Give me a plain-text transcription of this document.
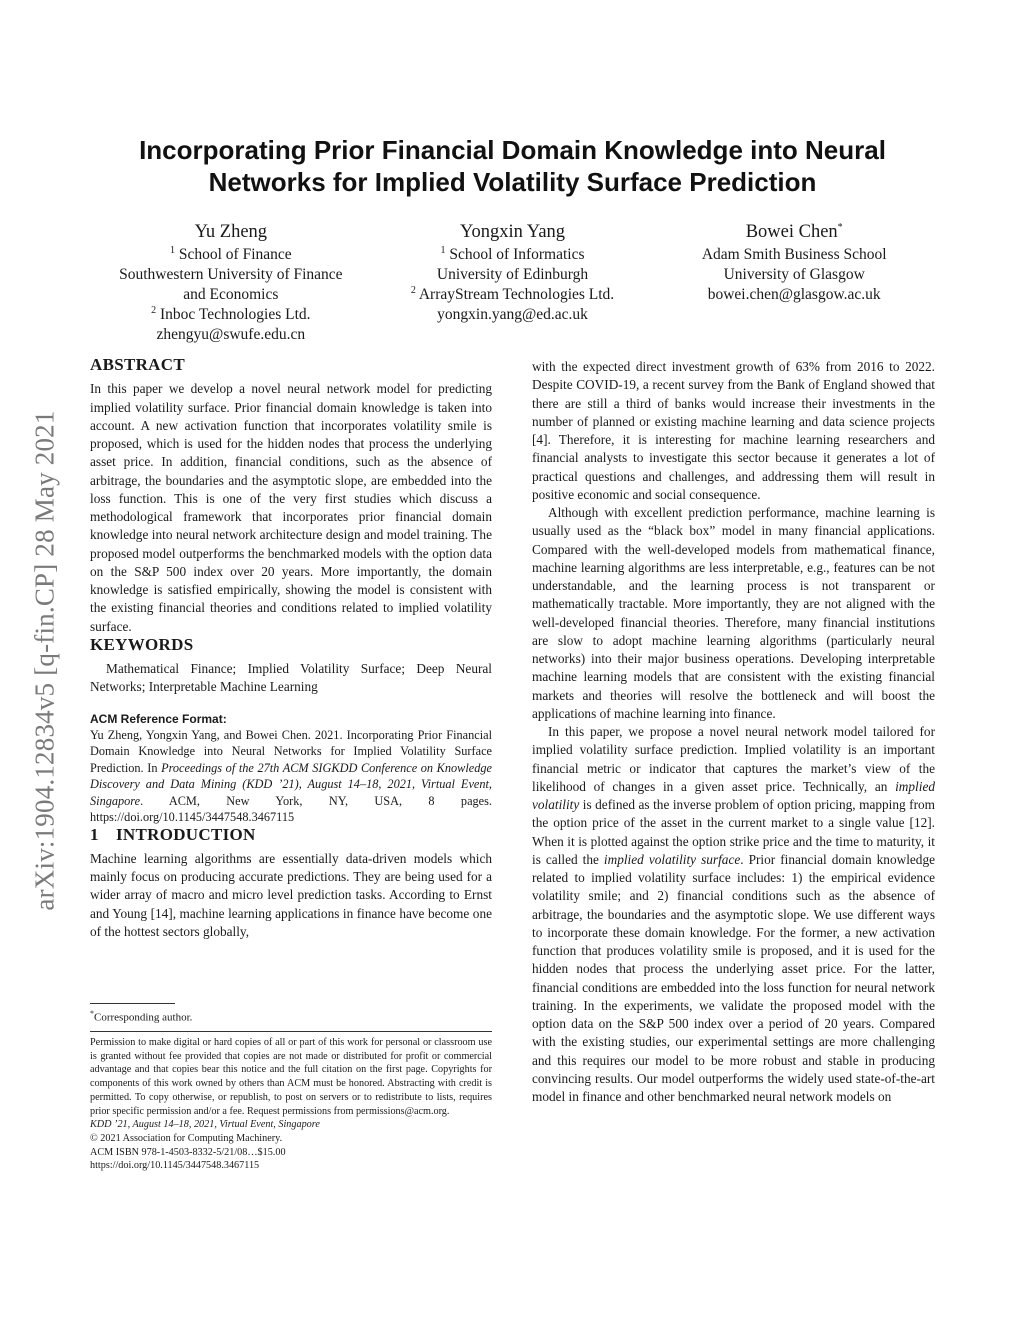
arXiv:1904.12834v5 [q-fin.CP] 28 May 2021
Incorporating Prior Financial Domain Knowledge into Neural Networks for Implied Volatility Surface Prediction
Yu Zheng
$^1$ School of Finance
Southwestern University of Finance
and Economics
$^2$ Inboc Technologies Ltd.
zhengyu@swufe.edu.cn
Yongxin Yang
$^1$ School of Informatics
University of Edinburgh
$^2$ ArrayStream Technologies Ltd.
yongxin.yang@ed.ac.uk
Bowei Chen*
Adam Smith Business School
University of Glasgow
bowei.chen@glasgow.ac.uk
ABSTRACT

In this paper we develop a novel neural network model for predicting implied volatility surface. Prior financial domain knowledge is taken into account. A new activation function that incorporates volatility smile is proposed, which is used for the hidden nodes that process the underlying asset price. In addition, financial conditions, such as the absence of arbitrage, the boundaries and the asymptotic slope, are embedded into the loss function. This is one of the very first studies which discuss a methodological framework that incorporates prior financial domain knowledge into neural network architecture design and model training. The proposed model outperforms the benchmarked models with the option data on the S&P 500 index over 20 years. More importantly, the domain knowledge is satisfied empirically, showing the model is consistent with the existing financial theories and conditions related to implied volatility surface.

KEYWORDS

Mathematical Finance; Implied Volatility Surface; Deep Neural Networks; Interpretable Machine Learning

ACM Reference Format:

Yu Zheng, Yongxin Yang, and Bowei Chen. 2021. Incorporating Prior Financial Domain Knowledge into Neural Networks for Implied Volatility Surface Prediction. In Proceedings of the 27th ACM SIGKDD Conference on Knowledge Discovery and Data Mining (KDD ’21), August 14–18, 2021, Virtual Event, Singapore. ACM, New York, NY, USA, 8 pages. https://doi.org/10.1145/3447548.3467115

1 INTRODUCTION

Machine learning algorithms are essentially data-driven models which mainly focus on producing accurate predictions. They are being used for a wider array of macro and micro level prediction tasks. According to Ernst and Young [14], machine learning applications in finance have become one of the hottest sectors globally,

*Corresponding author.

Permission to make digital or hard copies of all or part of this work for personal or classroom use is granted without fee provided that copies are not made or distributed for profit or commercial advantage and that copies bear this notice and the full citation on the first page. Copyrights for components of this work owned by others than ACM must be honored. Abstracting with credit is permitted. To copy otherwise, or republish, to post on servers or to redistribute to lists, requires prior specific permission and/or a fee. Request permissions from permissions@acm.org.

KDD ’21, August 14–18, 2021, Virtual Event, Singapore

© 2021 Association for Computing Machinery.

ACM ISBN 978-1-4503-8332-5/21/08…$15.00

https://doi.org/10.1145/3447548.3467115

with the expected direct investment growth of 63% from 2016 to 2022. Despite COVID-19, a recent survey from the Bank of England showed that there are still a third of banks would increase their investments in the number of planned or existing machine learning and data science projects [4]. Therefore, it is interesting for machine learning researchers and financial analysts to investigate this sector because it generates a lot of practical questions and challenges, and addressing them will result in positive economic and social consequence.

Although with excellent prediction performance, machine learning is usually used as the “black box” model in many financial applications. Compared with the well-developed models from mathematical finance, machine learning algorithms are less interpretable, e.g., features can be not understandable, and the learning process is not transparent or mathematically tractable. More importantly, they are not aligned with the well-developed financial theories. Therefore, many financial institutions are slow to adopt machine learning algorithms (particularly neural networks) into their major business operations. Developing interpretable machine learning models that are consistent with the existing financial markets and theories will resolve the bottleneck and will boost the applications of machine learning into finance.

In this paper, we propose a novel neural network model tailored for implied volatility surface prediction. Implied volatility is an important financial metric or indicator that captures the market’s view of the likelihood of changes in a given asset price. Technically, an implied volatility is defined as the inverse problem of option pricing, mapping from the option price of the asset in the current market to a single value [12]. When it is plotted against the option strike price and the time to maturity, it is called the implied volatility surface. Prior financial domain knowledge related to implied volatility surface includes: 1) the empirical evidence volatility smile; and 2) financial conditions such as the absence of arbitrage, the boundaries and the asymptotic slope. We use different ways to incorporate these domain knowledge. For the former, a new activation function that produces volatility smile is proposed, and it is used for the hidden nodes that process the underlying asset price. For the latter, financial conditions are embedded into the loss function for neural network training. In the experiments, we validate the proposed model with the option data on the S&P 500 index over a period of 20 years. Compared with the existing studies, our experimental settings are more challenging and this requires our model to be more robust and stable in producing convincing results. Our model outperforms the widely used state-of-the-art model in finance and other benchmarked neural network models on
